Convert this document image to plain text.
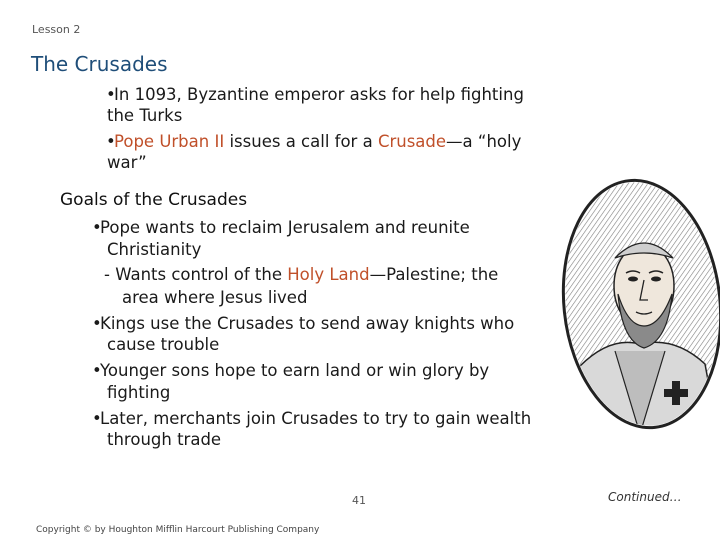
Lesson 2
The Crusades
•
In 1093, Byzantine emperor asks for help fighting
the Turks
•
Pope Urban II issues a call for a Crusade—a “holy
war”
Goals of the Crusades
•
Pope wants to reclaim Jerusalem and reunite
Christianity
- Wants control of the Holy Land—Palestine; the
area where Jesus lived
•
Kings use the Crusades to send away knights who
cause trouble
•
Younger sons hope to earn land or win glory by
fighting
•
Later, merchants join Crusades to try to gain wealth
through trade
41	Continued…
Copyright © by Houghton Mifflin Harcourt Publishing Company
